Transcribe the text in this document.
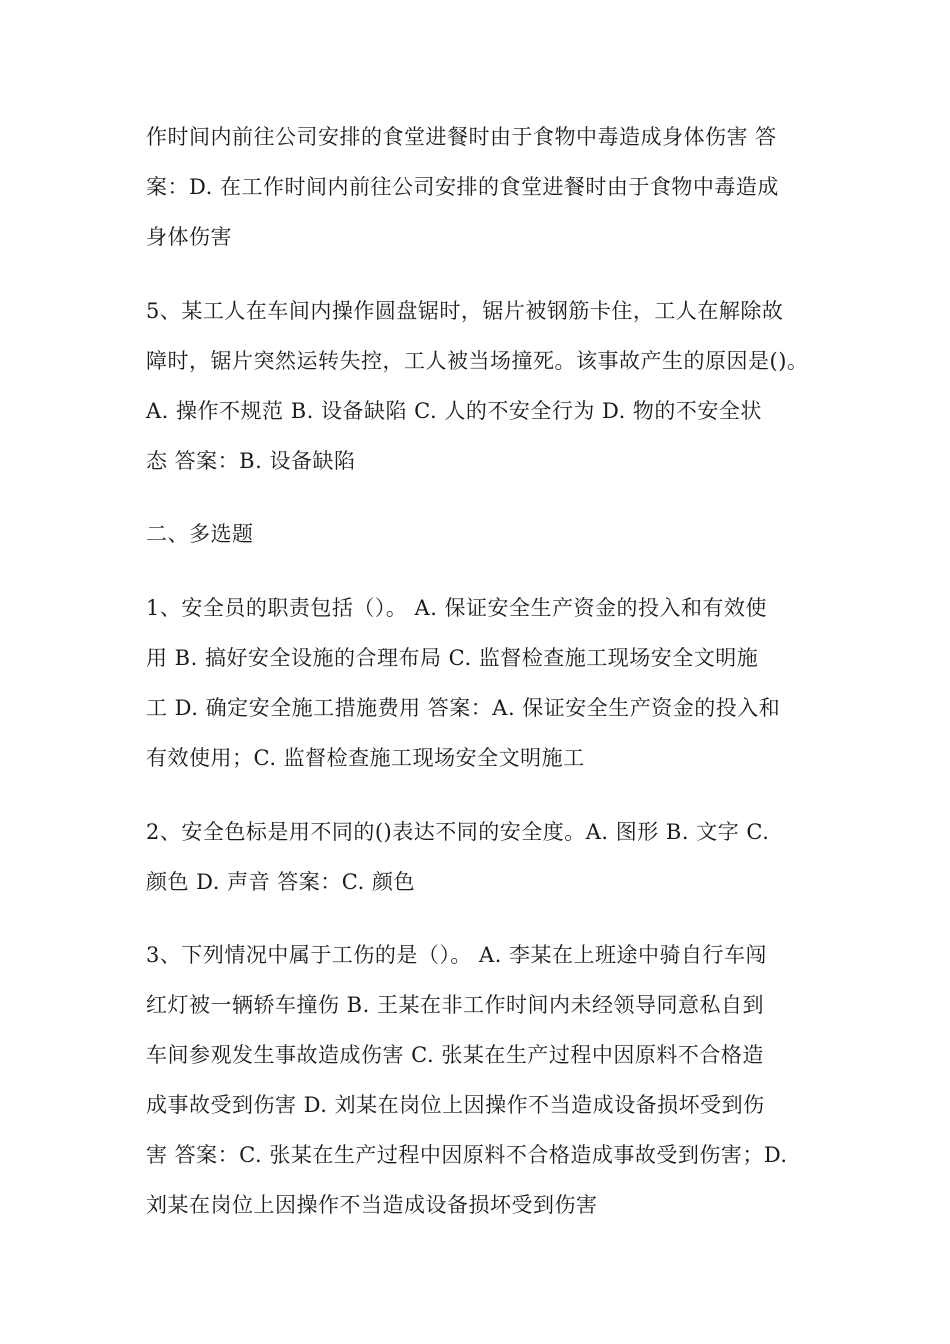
作时间内前往公司安排的食堂进餐时由于食物中毒造成身体伤害 答

案：D. 在工作时间内前往公司安排的食堂进餐时由于食物中毒造成

身体伤害

5、某工人在车间内操作圆盘锯时，锯片被钢筋卡住，工人在解除故

障时，锯片突然运转失控，工人被当场撞死。该事故产生的原因是()。

A. 操作不规范 B. 设备缺陷 C. 人的不安全行为 D. 物的不安全状

态 答案：B. 设备缺陷

二、多选题

1、安全员的职责包括（）。 A. 保证安全生产资金的投入和有效使

用 B. 搞好安全设施的合理布局 C. 监督检查施工现场安全文明施

工 D. 确定安全施工措施费用 答案：A. 保证安全生产资金的投入和

有效使用；C. 监督检查施工现场安全文明施工

2、安全色标是用不同的()表达不同的安全度。A. 图形 B. 文字 C.

颜色 D. 声音 答案：C. 颜色

3、下列情况中属于工伤的是（）。 A. 李某在上班途中骑自行车闯

红灯被一辆轿车撞伤 B. 王某在非工作时间内未经领导同意私自到

车间参观发生事故造成伤害 C. 张某在生产过程中因原料不合格造

成事故受到伤害 D. 刘某在岗位上因操作不当造成设备损坏受到伤

害 答案：C. 张某在生产过程中因原料不合格造成事故受到伤害；D.

刘某在岗位上因操作不当造成设备损坏受到伤害
